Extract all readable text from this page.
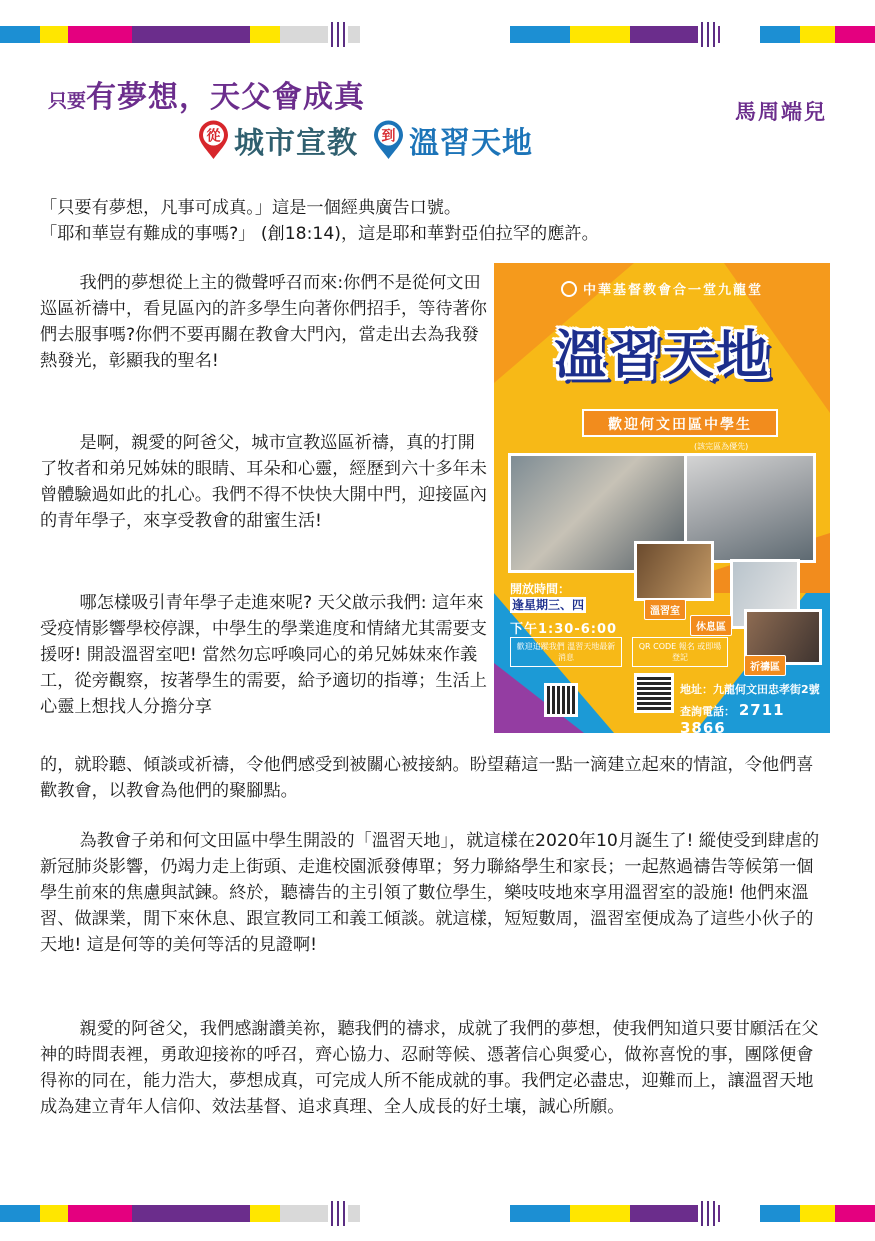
只要有夢想，天父會成真	馬周端兒
從 城市宣教 到 溫習天地
「只要有夢想，凡事可成真。」這是一個經典廣告口號。
「耶和華豈有難成的事嗎?」 (創18:14)，這是耶和華對亞伯拉罕的應許。
我們的夢想從上主的微聲呼召而來:你們不是從何文田巡區祈禱中，看見區內的許多學生向著你們招手，等待著你們去服事嗎?你們不要再關在教會大門內，當走出去為我發熱發光，彰顯我的聖名!
是啊，親愛的阿爸父，城市宣教巡區祈禱，真的打開了牧者和弟兄姊妹的眼睛、耳朵和心靈，經歷到六十多年未曾體驗過如此的扎心。我們不得不快快大開中門，迎接區內的青年學子，來享受教會的甜蜜生活!
哪怎樣吸引青年學子走進來呢? 天父啟示我們: 這年來受疫情影響學校停課，中學生的學業進度和情緒尤其需要支援呀! 開設溫習室吧! 當然勿忘呼喚同心的弟兄姊妹來作義工，從旁觀察，按著學生的需要，給予適切的指導；生活上心靈上想找人分擔分享
的，就聆聽、傾談或祈禱，令他們感受到被關心被接納。盼望藉這一點一滴建立起來的情誼，令他們喜歡教會，以教會為他們的聚腳點。
為教會子弟和何文田區中學生開設的「溫習天地」，就這樣在2020年10月誕生了! 縱使受到肆虐的新冠肺炎影響，仍竭力走上街頭、走進校園派發傳單；努力聯絡學生和家長；一起熬過禱告等候第一個學生前來的焦慮與試鍊。終於，聽禱告的主引領了數位學生，樂吱吱地來享用溫習室的設施! 他們來溫習、做課業，閒下來休息、跟宣教同工和義工傾談。就這樣，短短數周，溫習室便成為了這些小伙子的天地! 這是何等的美何等活的見證啊!
親愛的阿爸父，我們感謝讚美祢，聽我們的禱求，成就了我們的夢想，使我們知道只要甘願活在父神的時間表裡，勇敢迎接祢的呼召，齊心協力、忍耐等候、憑著信心與愛心，做祢喜悅的事，團隊便會得祢的同在，能力浩大，夢想成真，可完成人所不能成就的事。我們定必盡忠，迎難而上，讓溫習天地成為建立青年人信仰、效法基督、追求真理、全人成長的好土壤，誠心所願。
中華基督教會合一堂九龍堂
溫習天地
歡迎何文田區中學生
(該完區為優先)
溫習室
休息區
祈禱區
開放時間：
逢星期三、四
下午1:30-6:00
歡迎追蹤我們 溫習天地最新消息
QR CODE 報名 或即場登記
地址：九龍何文田忠孝街2號
查詢電話： 2711 3866
